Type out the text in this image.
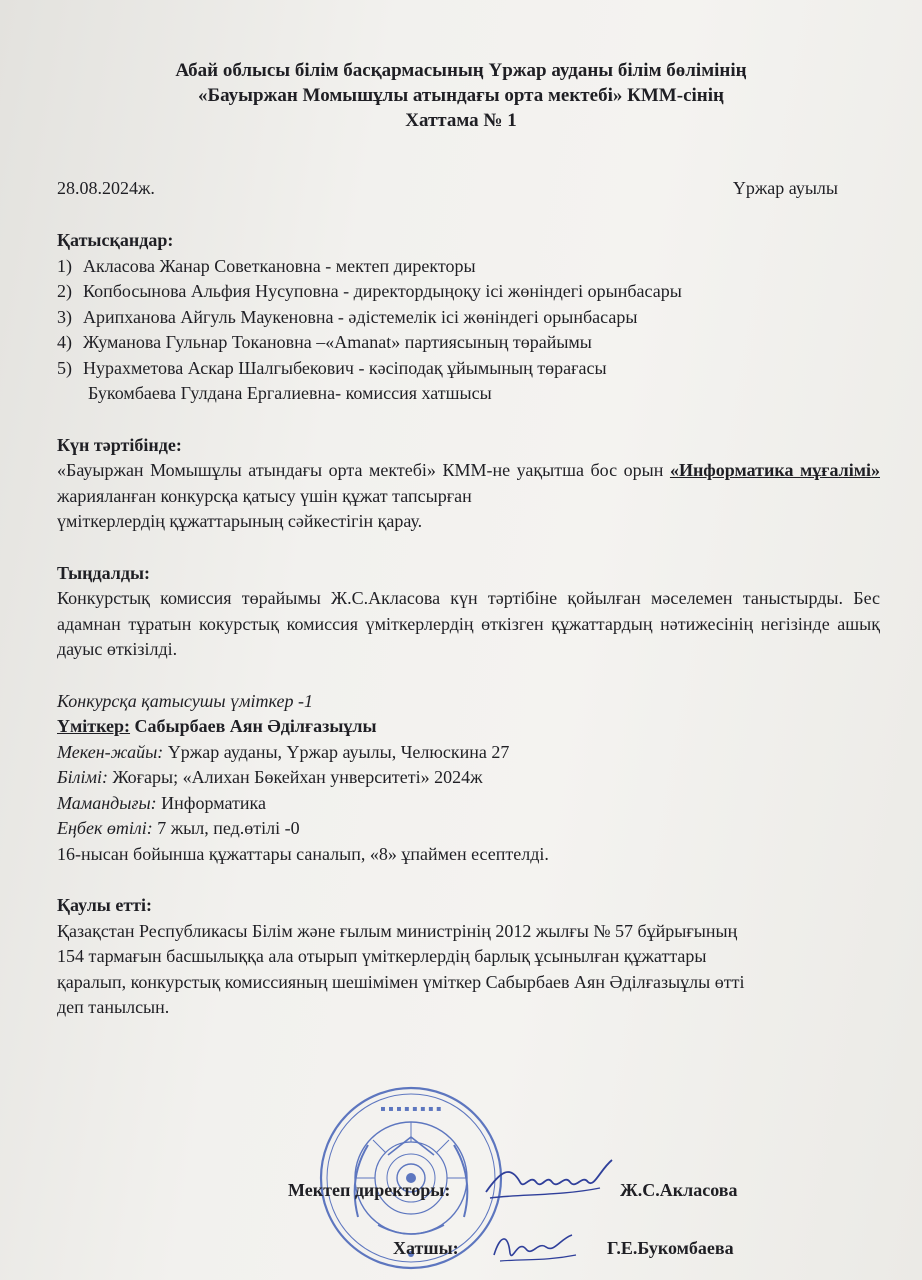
Абай облысы білім басқармасының Үржар ауданы білім бөлімінің
«Бауыржан Момышұлы атындағы орта мектебі» КММ-сінің
Хаттама № 1
28.08.2024ж.	Үржар ауылы
Қатысқандар:
1) Акласова Жанар Советкановна - мектеп директоры
2) Копбосынова Альфия Нусуповна - директордыңоқу ісі жөніндегі орынбасары
3) Арипханова Айгуль Маукеновна - әдістемелік ісі жөніндегі орынбасары
4) Жуманова Гульнар Токановна –«Amanat» партиясының төрайымы
5) Нурахметова Аскар Шалгыбекович - кәсіподақ ұйымының төрағасы
Букомбаева Гулдана Ергалиевна- комиссия хатшысы
Күн тәртібінде:
«Бауыржан Момышұлы атындағы орта мектебі» КММ-не уақытша бос орын «Информатика мұғалімі» жарияланған конкурсқа қатысу үшін құжат тапсырған
үміткерлердің құжаттарының сәйкестігін қарау.
Тыңдалды:
Конкурстық комиссия төрайымы Ж.С.Акласова күн тәртібіне қойылған мәселемен таныстырды. Бес адамнан тұратын кокурстық комиссия үміткерлердің өткізген құжаттардың нәтижесінің негізінде ашық дауыс өткізілді.
Конкурсқа қатысушы үміткер -1
Үміткер: Сабырбаев Аян Әділғазыұлы
Мекен-жайы: Үржар ауданы, Үржар ауылы, Челюскина 27
Білімі: Жоғары; «Алихан Бөкейхан унверситеті» 2024ж
Мамандығы: Информатика
Еңбек өтілі: 7 жыл, пед.өтілі -0
16-нысан бойынша құжаттары саналып, «8» ұпаймен есептелді.
Қаулы етті:
Қазақстан Республикасы Білім және ғылым министрінің 2012 жылғы № 57 бұйрығының
154 тармағын басшылыққа ала отырып үміткерлердің барлық ұсынылған құжаттары
қаралып, конкурстық комиссияның шешімімен үміткер Сабырбаев Аян Әділғазыұлы өтті
деп танылсын.
▪ ▪ ▪ ▪ ▪ ▪ ▪ ▪
Мектеп директоры:	Ж.С.Акласова
Хатшы:	Г.Е.Букомбаева
